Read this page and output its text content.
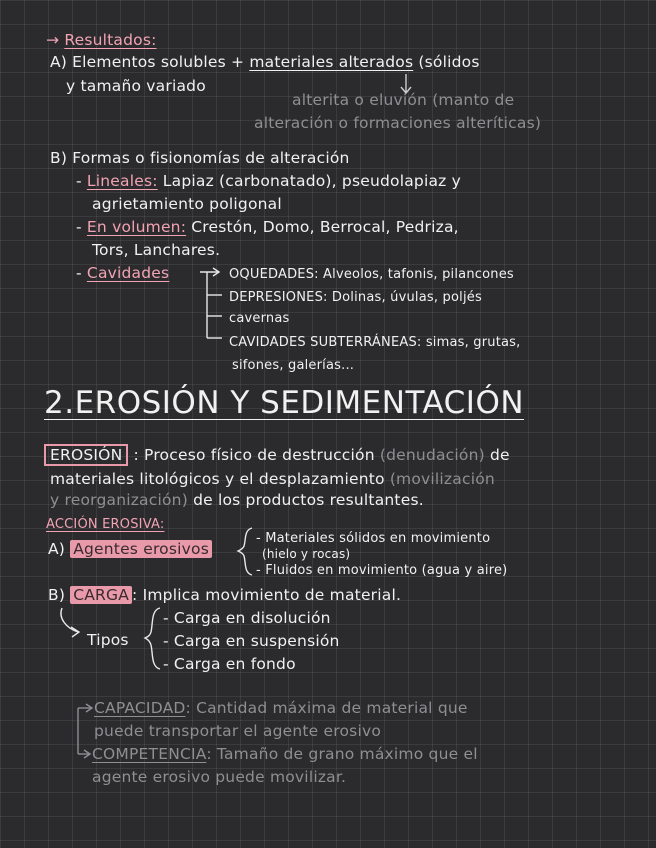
→ Resultados:
A) Elementos solubles + materiales alterados (sólidos
y tamaño variado
alterita o eluvión (manto de
alteración o formaciones alteríticas)
B) Formas o fisionomías de alteración
- Lineales: Lapiaz (carbonatado), pseudolapiaz y
agrietamiento poligonal
- En volumen: Crestón, Domo, Berrocal, Pedriza,
Tors, Lanchares.
- Cavidades	OQUEDADES: Alveolos, tafonis, pilancones
DEPRESIONES: Dolinas, úvulas, poljés
cavernas
CAVIDADES SUBTERRÁNEAS: simas, grutas,
sifones, galerías...
2.EROSIÓN Y SEDIMENTACIÓN
EROSIÓN : Proceso físico de destrucción (denudación) de
materiales litológicos y el desplazamiento (movilización
y reorganización) de los productos resultantes.
ACCIÓN EROSIVA:
A) Agentes erosivos
- Materiales sólidos en movimiento
(hielo y rocas)
- Fluidos en movimiento (agua y aire)
B) CARGA : Implica movimiento de material.
Tipos
- Carga en disolución
- Carga en suspensión
- Carga en fondo
CAPACIDAD: Cantidad máxima de material que
puede transportar el agente erosivo
COMPETENCIA: Tamaño de grano máximo que el
agente erosivo puede movilizar.
